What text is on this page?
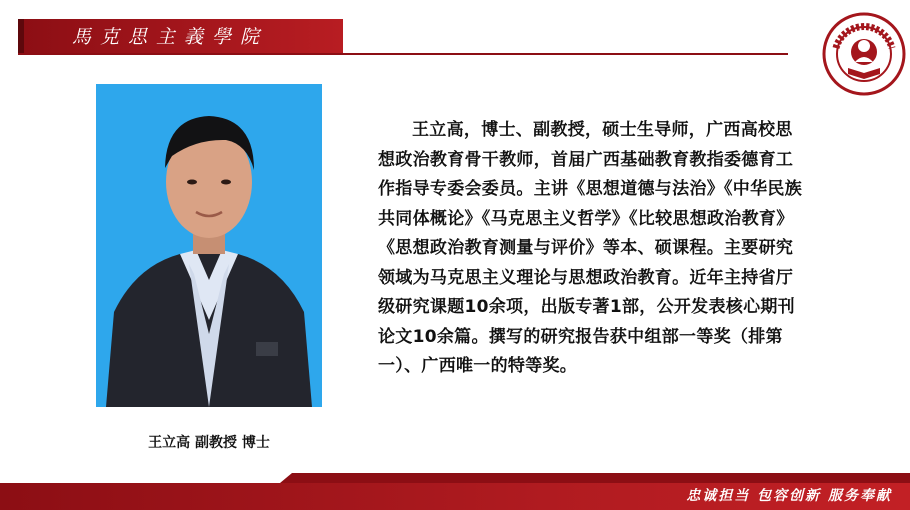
馬克思主義學院
王立高 副教授 博士

王立高，博士、副教授，硕士生导师，广西高校思想政治教育骨干教师，首届广西基础教育教指委德育工作指导专委会委员。主讲《思想道德与法治》《中华民族共同体概论》《马克思主义哲学》《比较思想政治教育》《思想政治教育测量与评价》等本、硕课程。主要研究领域为马克思主义理论与思想政治教育。近年主持省厅级研究课题10余项，出版专著1部，公开发表核心期刊论文10余篇。撰写的研究报告获中组部一等奖（排第一）、广西唯一的特等奖。

忠诚担当 包容创新 服务奉献
